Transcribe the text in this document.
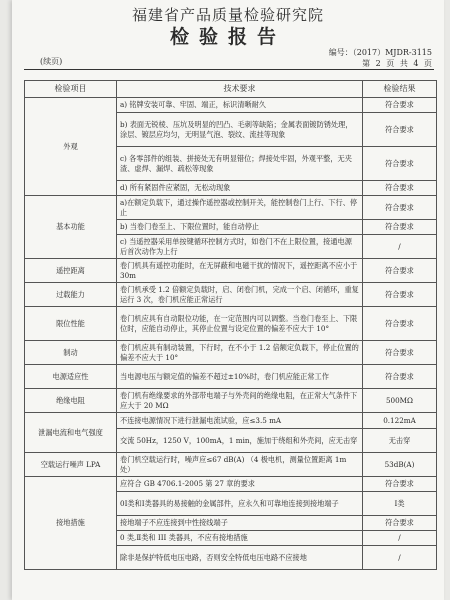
福建省产品质量检验研究院
检验报告
(续页)
编号：（2017）MJDR-3115
第 2 页 共 4 页
检验项目	技术要求	检验结果
外观	a) 铭牌安装可靠、牢固、端正，标识清晰耐久	符合要求
	b) 表面无锐棱、压坑及明显的凹凸、毛刺等缺陷；金属表面镀防锈处理，涂层、镀层应均匀，无明显气泡、裂纹、流挂等现象	符合要求
	c) 各零部件的组装、拼接处无有明显错位；焊接处牢固，外观平整，无夹渣、虚焊、漏焊、疏松等现象	符合要求
	d) 所有紧固件应紧固，无松动现象	符合要求
基本功能	a)在额定负载下，通过操作遥控器或控制开关，能控制卷门上行、下行、停止	符合要求
	b) 当卷门卷至上、下限位置时，能自动停止	符合要求
	c) 当遥控器采用单按键循环控制方式时，如卷门不在上限位置，接通电源后首次动作为上行	/
遥控距离	卷门机具有遥控功能时，在无屏蔽和电磁干扰的情况下，遥控距离不应小于 30m	符合要求
过载能力	卷门机承受 1.2 倍额定负载时，启、闭卷门机，完成一个启、闭循环，重复运行 3 次，卷门机应能正常运行	符合要求
限位性能	卷门机应具有自动限位功能，在一定范围内可以调整。当卷门卷至上、下限位时，应能自动停止，其停止位置与设定位置的偏差不应大于 10°	符合要求
制动	卷门机应具有制动装置，下行时，在不小于 1.2 倍额定负载下，停止位置的偏差不应大于 10°	符合要求
电源适应性	当电源电压与额定值的偏差不超过±10%时，卷门机应能正常工作	符合要求
绝缘电阻	卷门机有绝缘要求的外部带电端子与外壳间的绝缘电阻，在正常大气条件下应大于 20 MΩ	500MΩ
泄漏电流和电气强度	不连接电源情况下进行泄漏电流试验，应≤3.5 mA	0.122mA
	交流 50Hz，1250 V，100mA，1 min，施加于绕组和外壳间，应无击穿	无击穿
空载运行噪声 LPA	卷门机空载运行时，噪声应≤67 dB(A) （4 极电机，测量位置距离 1m 处）	53dB(A)
接地措施	应符合 GB 4706.1-2005 第 27 章的要求	符合要求
	0Ⅰ类和Ⅰ类器具的易接触的金属部件，应永久和可靠地连接到接地端子	Ⅰ类
	接地端子不应连接到中性接线端子	符合要求
	0 类,Ⅱ类和 III 类器具，不应有接地措施	/
	除非是保护特低电压电路，否则安全特低电压电路不应接地	/
